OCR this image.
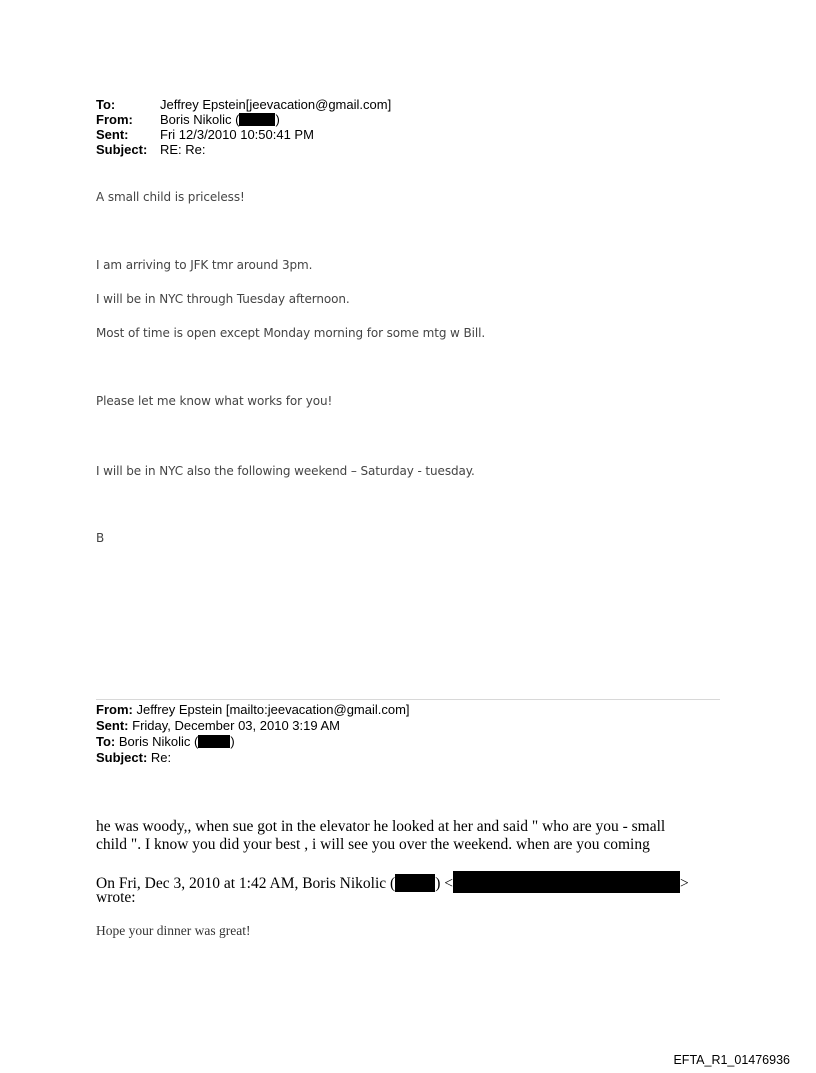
To:	Jeffrey Epstein[jeevacation@gmail.com]
From: Boris Nikolic (	)
Sent: Fri 12/3/2010 10:50:41 PM
Subject: RE: Re:
A small child is priceless!
I am arriving to JFK tmr around 3pm.
I will be in NYC through Tuesday afternoon.
Most of time is open except Monday morning for some mtg w Bill.
Please let me know what works for you!
I will be in NYC also the following weekend – Saturday - tuesday.
B
From: Jeffrey Epstein [mailto:jeevacation@gmail.com]
Sent: Friday, December 03, 2010 3:19 AM
To: Boris Nikolic ( )
Subject: Re:
he was woody,, when sue got in the elevator he looked at her and said " who are you - small
child ". I know you did your best , i will see you over the weekend. when are you coming
On Fri, Dec 3, 2010 at 1:42 AM, Boris Nikolic (	) <	>
wrote:
Hope your dinner was great!
EFTA_R1_01476936
